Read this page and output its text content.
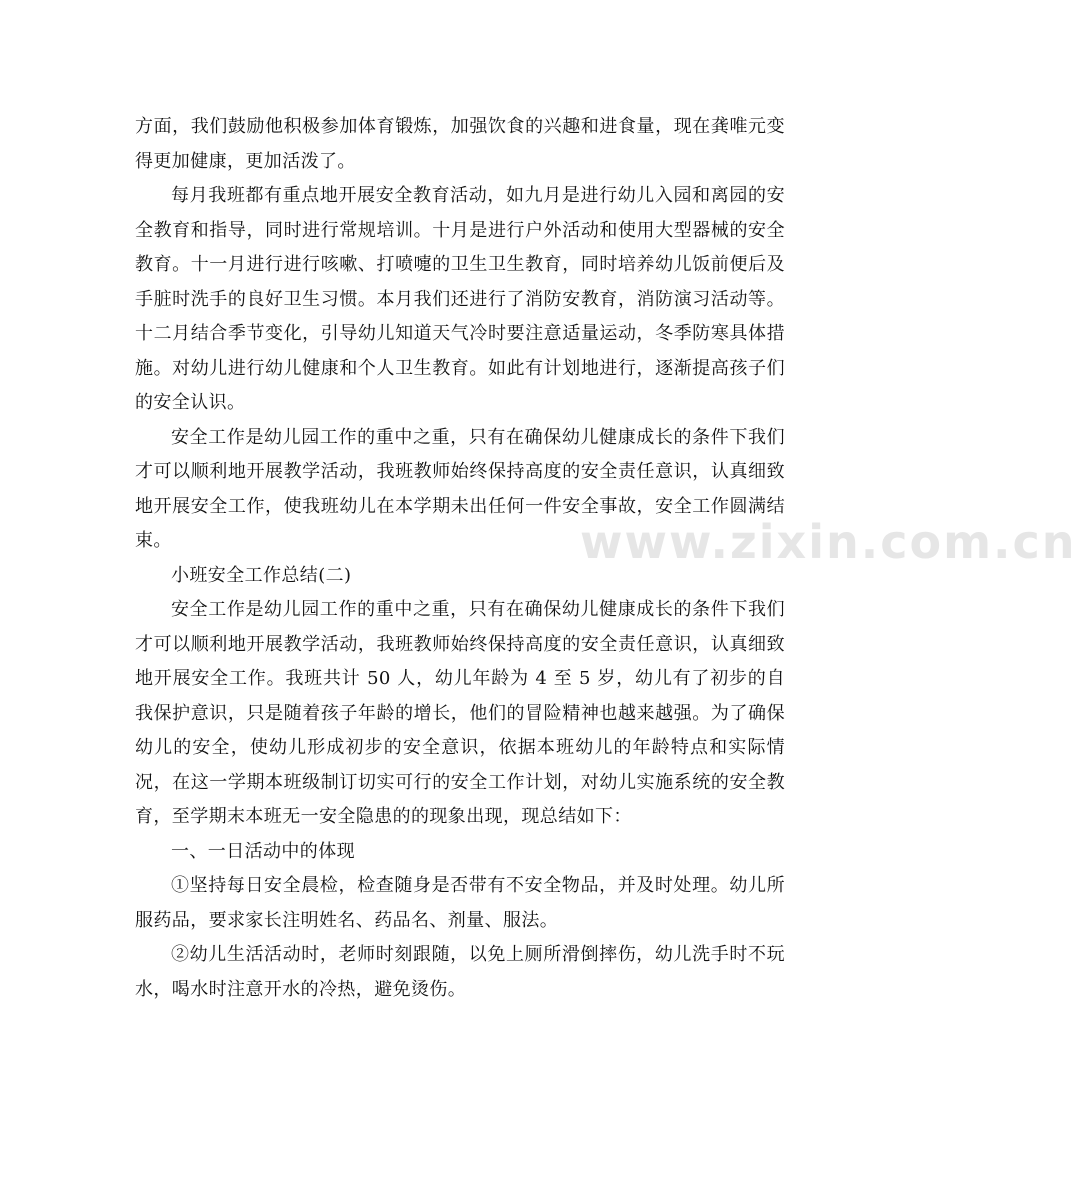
方面，我们鼓励他积极参加体育锻炼，加强饮食的兴趣和进食量，现在龚唯元变得更加健康，更加活泼了。

每月我班都有重点地开展安全教育活动，如九月是进行幼儿入园和离园的安全教育和指导，同时进行常规培训。十月是进行户外活动和使用大型器械的安全教育。十一月进行进行咳嗽、打喷嚏的卫生卫生教育，同时培养幼儿饭前便后及手脏时洗手的良好卫生习惯。本月我们还进行了消防安教育，消防演习活动等。十二月结合季节变化，引导幼儿知道天气冷时要注意适量运动，冬季防寒具体措施。对幼儿进行幼儿健康和个人卫生教育。如此有计划地进行，逐渐提高孩子们的安全认识。

安全工作是幼儿园工作的重中之重，只有在确保幼儿健康成长的条件下我们才可以顺利地开展教学活动，我班教师始终保持高度的安全责任意识，认真细致地开展安全工作，使我班幼儿在本学期未出任何一件安全事故，安全工作圆满结束。

小班安全工作总结(二)

安全工作是幼儿园工作的重中之重，只有在确保幼儿健康成长的条件下我们才可以顺利地开展教学活动，我班教师始终保持高度的安全责任意识，认真细致地开展安全工作。我班共计 50 人，幼儿年龄为 4 至 5 岁，幼儿有了初步的自我保护意识，只是随着孩子年龄的增长，他们的冒险精神也越来越强。为了确保幼儿的安全，使幼儿形成初步的安全意识，依据本班幼儿的年龄特点和实际情况，在这一学期本班级制订切实可行的安全工作计划，对幼儿实施系统的安全教育，至学期末本班无一安全隐患的的现象出现，现总结如下：

一、一日活动中的体现

①坚持每日安全晨检，检查随身是否带有不安全物品，并及时处理。幼儿所服药品，要求家长注明姓名、药品名、剂量、服法。

②幼儿生活活动时，老师时刻跟随，以免上厕所滑倒摔伤，幼儿洗手时不玩水，喝水时注意开水的冷热，避免烫伤。

www.zixin.com.cn
